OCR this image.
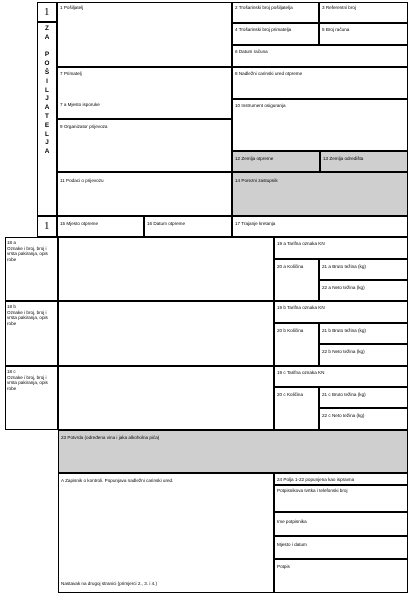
1
Z
A

P
O
Š
I
L
J
A
T
E
L
J
A
1
1 Pošiljatelj	2 Trošarinski broj pošiljatelja	3 Referentni broj
4 Trošarinski broj primatelja	5 Broj računa
6 Datum računa
7 Primatelj
7 a Mjesto isporuke
8 Nadležni carinski ured otpreme
10 Instrument osiguranja
9 Organizator prijevoza
12 Zemlja otpreme	13 Zemlja odredišta
11 Podaci o prijevozu	14 Porezni zastupnik
15 Mjesto otpreme	16 Datum otpreme	17 Trajanje kretanja
18 a
Oznake i broj, broj i vrsta pakiranja, opis robe
19 a Tarifna oznaka KN
20 a Količina	21 a Bruto težina (kg)
22 a Neto težina (kg)
18 b
Oznake i broj, broj i vrsta pakiranja, opis robe
19 b Tarifna oznaka KN
20 b Količina	21 b Bruto težina (kg)
22 b Neto težina (kg)
18 c
Oznake i broj, broj i vrsta pakiranja, opis robe
19 c Tarifna oznaka KN
20 c Količina	21 c Bruto težina (kg)
22 c Neto težina (kg)
23 Potvrda (određena vina i jaka alkoholna pića)
A Zapisnik o kontroli. Popunjava nadležni carinski ured.
Nastavak na drugoj stranici (primjerci 2., 3. i 4.)
24 Polja 1-22 popunjena kao ispravna
Potpisnikova tvrtka i telefonski broj
Ime potpisnika
Mjesto i datum
Potpis
